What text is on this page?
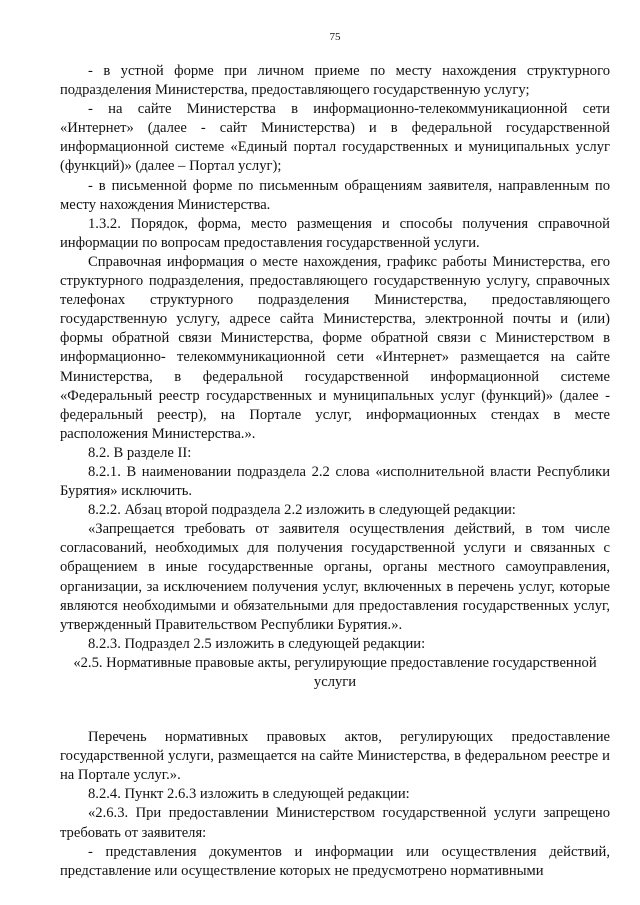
75

- в устной форме при личном приеме по месту нахождения структурного подразделения Министерства, предоставляющего государственную услугу;

- на сайте Министерства в информационно-телекоммуникационной сети «Интернет» (далее - сайт Министерства) и в федеральной государственной информационной системе «Единый портал государственных и муниципальных услуг (функций)» (далее – Портал услуг);

- в письменной форме по письменным обращениям заявителя, направленным по месту нахождения Министерства.

1.3.2. Порядок, форма, место размещения и способы получения справочной информации по вопросам предоставления государственной услуги.

Справочная информация о месте нахождения, графикс работы Министерства, его структурного подразделения, предоставляющего государственную услугу, справочных телефонах структурного подразделения Министерства, предоставляющего государственную услугу, адресе сайта Министерства, электронной почты и (или) формы обратной связи Министерства, форме обратной связи с Министерством в информационно- телекоммуникационной сети «Интернет» размещается на сайте Министерства, в федеральной государственной информационной системе «Федеральный реестр государственных и муниципальных услуг (функций)» (далее - федеральный реестр), на Портале услуг, информационных стендах в месте расположения Министерства.».

8.2. В разделе II:

8.2.1. В наименовании подраздела 2.2 слова «исполнительной власти Республики Бурятия» исключить.

8.2.2. Абзац второй подраздела 2.2 изложить в следующей редакции:

«Запрещается требовать от заявителя осуществления действий, в том числе согласований, необходимых для получения государственной услуги и связанных с обращением в иные государственные органы, органы местного самоуправления, организации, за исключением получения услуг, включенных в перечень услуг, которые являются необходимыми и обязательными для предоставления государственных услуг, утвержденный Правительством Республики Бурятия.».

8.2.3. Подраздел 2.5 изложить в следующей редакции:

«2.5. Нормативные правовые акты, регулирующие предоставление государственной услуги

Перечень нормативных правовых актов, регулирующих предоставление государственной услуги, размещается на сайте Министерства, в федеральном реестре и на Портале услуг.».

8.2.4. Пункт 2.6.3 изложить в следующей редакции:

«2.6.3. При предоставлении Министерством государственной услуги запрещено требовать от заявителя:

- представления документов и информации или осуществления действий, представление или осуществление которых не предусмотрено нормативными
